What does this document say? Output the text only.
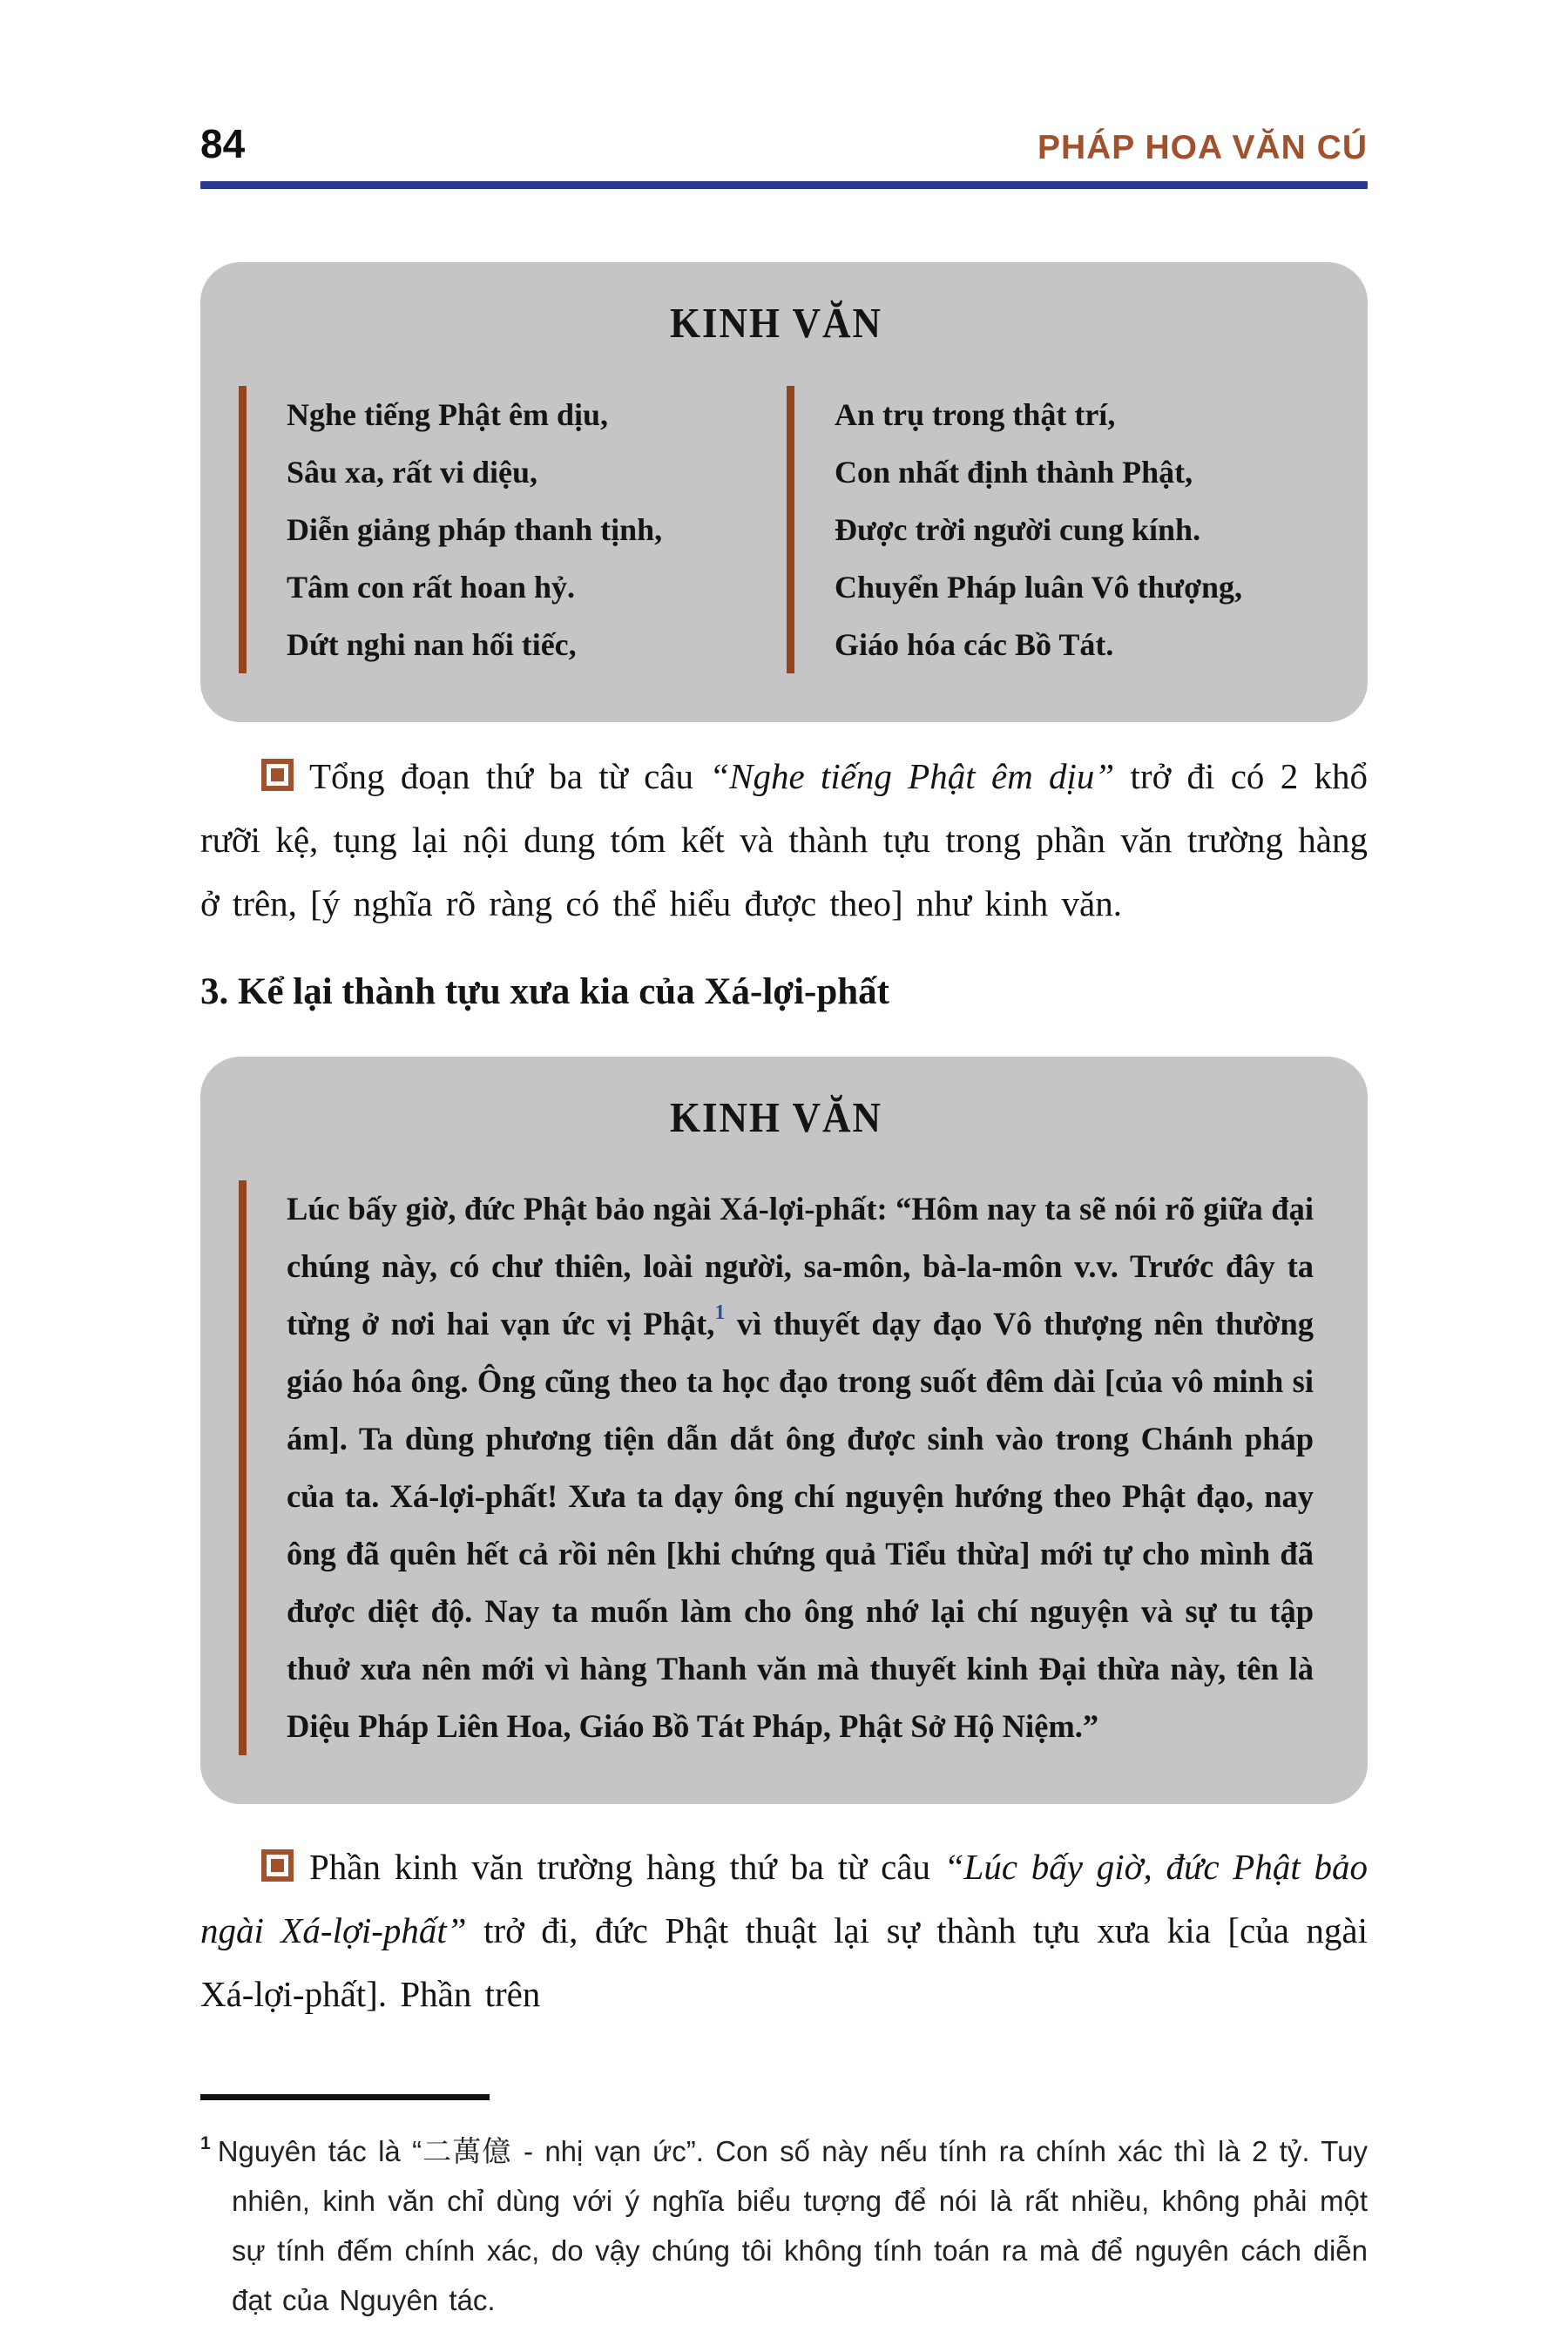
84	PHÁP HOA VĂN CÚ
KINH VĂN
Nghe tiếng Phật êm dịu,
Sâu xa, rất vi diệu,
Diễn giảng pháp thanh tịnh,
Tâm con rất hoan hỷ.
Dứt nghi nan hối tiếc,
An trụ trong thật trí,
Con nhất định thành Phật,
Được trời người cung kính.
Chuyển Pháp luân Vô thượng,
Giáo hóa các Bồ Tát.

Tổng đoạn thứ ba từ câu “Nghe tiếng Phật êm dịu” trở đi có 2 khổ rưỡi kệ, tụng lại nội dung tóm kết và thành tựu trong phần văn trường hàng ở trên, [ý nghĩa rõ ràng có thể hiểu được theo] như kinh văn.

3. Kể lại thành tựu xưa kia của Xá-lợi-phất
KINH VĂN
Lúc bấy giờ, đức Phật bảo ngài Xá-lợi-phất: “Hôm nay ta sẽ nói rõ giữa đại chúng này, có chư thiên, loài người, sa-môn, bà-la-môn v.v. Trước đây ta từng ở nơi hai vạn ức vị Phật,$^1$ vì thuyết dạy đạo Vô thượng nên thường giáo hóa ông. Ông cũng theo ta học đạo trong suốt đêm dài [của vô minh si ám]. Ta dùng phương tiện dẫn dắt ông được sinh vào trong Chánh pháp của ta. Xá-lợi-phất! Xưa ta dạy ông chí nguyện hướng theo Phật đạo, nay ông đã quên hết cả rồi nên [khi chứng quả Tiểu thừa] mới tự cho mình đã được diệt độ. Nay ta muốn làm cho ông nhớ lại chí nguyện và sự tu tập thuở xưa nên mới vì hàng Thanh văn mà thuyết kinh Đại thừa này, tên là Diệu Pháp Liên Hoa, Giáo Bồ Tát Pháp, Phật Sở Hộ Niệm.”

Phần kinh văn trường hàng thứ ba từ câu “Lúc bấy giờ, đức Phật bảo ngài Xá-lợi-phất” trở đi, đức Phật thuật lại sự thành tựu xưa kia [của ngài Xá-lợi-phất]. Phần trên

$^1$ Nguyên tác là “二萬億 - nhị vạn ức”. Con số này nếu tính ra chính xác thì là 2 tỷ. Tuy nhiên, kinh văn chỉ dùng với ý nghĩa biểu tượng để nói là rất nhiều, không phải một sự tính đếm chính xác, do vậy chúng tôi không tính toán ra mà để nguyên cách diễn đạt của Nguyên tác.
